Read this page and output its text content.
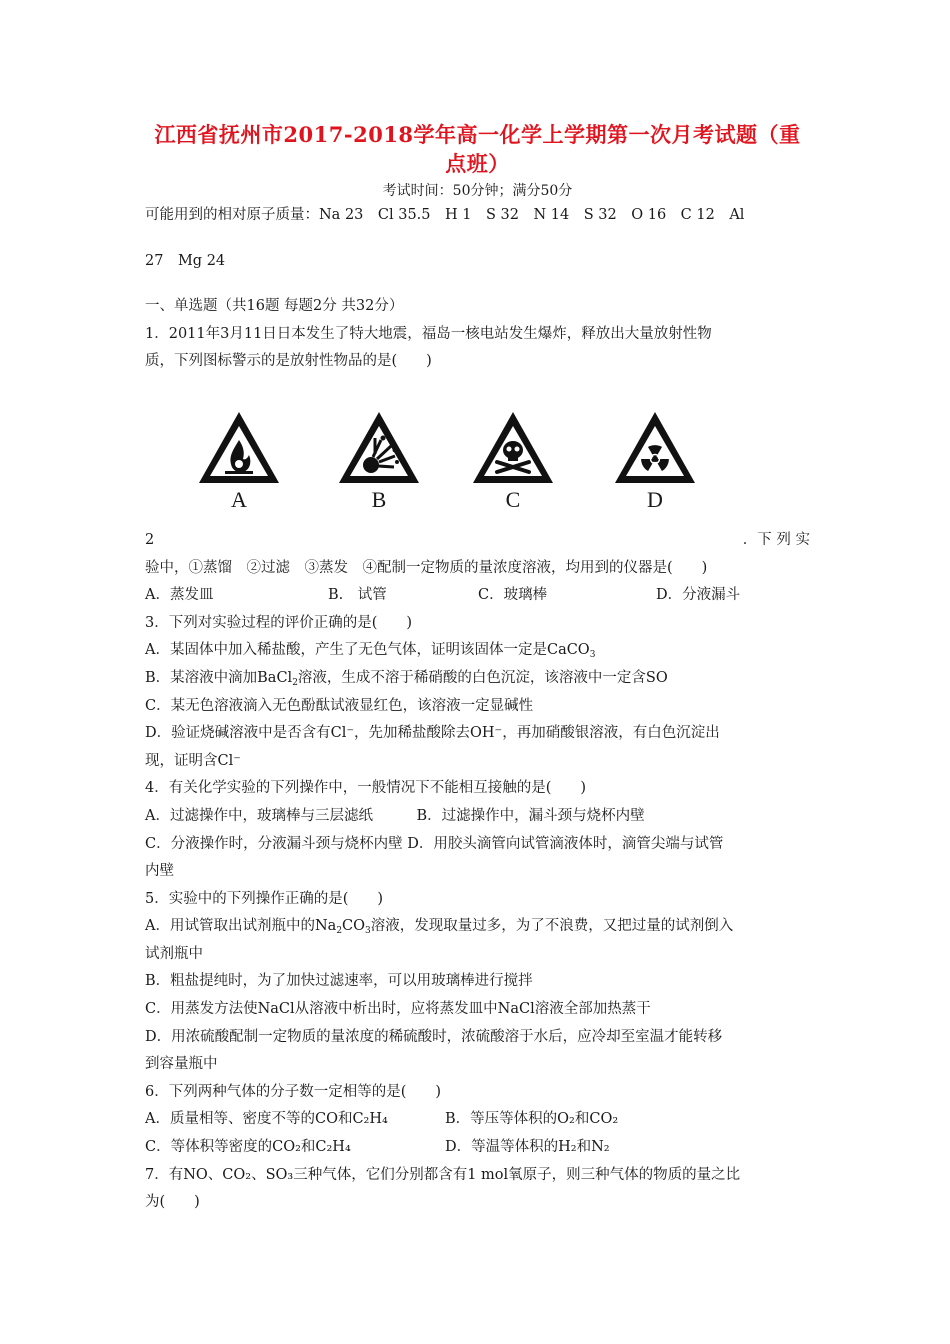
江西省抚州市2017-2018学年高一化学上学期第一次月考试题（重点班）
考试时间：50分钟；满分50分
可能用到的相对原子质量：Na 23　Cl 35.5　H 1　S 32　N 14　S 32　O 16　C 12　Al
27　Mg 24
一、单选题（共16题 每题2分 共32分）
1．2011年3月11日日本发生了特大地震，福岛一核电站发生爆炸，释放出大量放射性物
质，下列图标警示的是放射性物品的是(　　)
A	B	C	D
2	．下 列 实
验中，①蒸馏　②过滤　③蒸发　④配制一定物质的量浓度溶液，均用到的仪器是(　　)
A．蒸发皿	B.　试管	C．玻璃棒	D．分液漏斗
3．下列对实验过程的评价正确的是(　　)
A．某固体中加入稀盐酸，产生了无色气体，证明该固体一定是CaCO$_3$
B．某溶液中滴加BaCl$_2$溶液，生成不溶于稀硝酸的白色沉淀，该溶液中一定含SO
C．某无色溶液滴入无色酚酞试液显红色，该溶液一定显碱性
D．验证烧碱溶液中是否含有Cl⁻，先加稀盐酸除去OH⁻，再加硝酸银溶液，有白色沉淀出
现，证明含Cl⁻
4．有关化学实验的下列操作中，一般情况下不能相互接触的是(　　)
A．过滤操作中，玻璃棒与三层滤纸　　　B．过滤操作中，漏斗颈与烧杯内壁
C．分液操作时，分液漏斗颈与烧杯内壁 D．用胶头滴管向试管滴液体时，滴管尖端与试管
内壁
5．实验中的下列操作正确的是(　　)
A．用试管取出试剂瓶中的$Na_2CO_3$溶液，发现取量过多，为了不浪费，又把过量的试剂倒入
试剂瓶中
B．粗盐提纯时，为了加快过滤速率，可以用玻璃棒进行搅拌
C．用蒸发方法使NaCl从溶液中析出时，应将蒸发皿中NaCl溶液全部加热蒸干
D．用浓硫酸配制一定物质的量浓度的稀硫酸时，浓硫酸溶于水后，应冷却至室温才能转移
到容量瓶中
6．下列两种气体的分子数一定相等的是(　　)
A．质量相等、密度不等的CO和C₂H₄	B．等压等体积的O₂和CO₂
C．等体积等密度的CO₂和C₂H₄	D．等温等体积的H₂和N₂
7．有NO、CO₂、SO₃三种气体，它们分别都含有1 mol氧原子，则三种气体的物质的量之比
为(　　)
